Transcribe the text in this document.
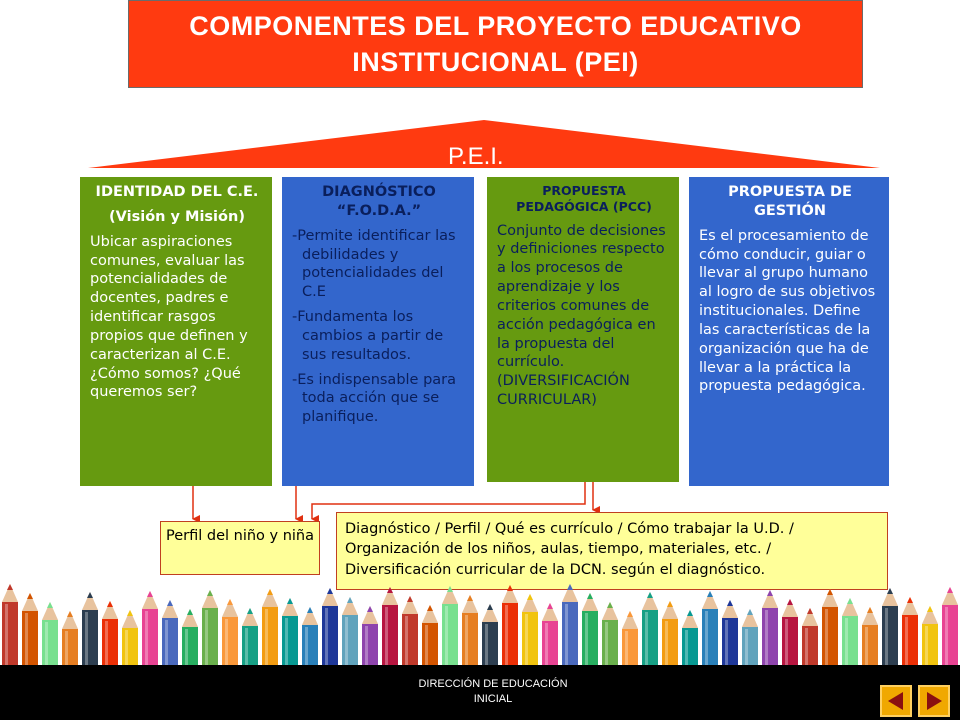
COMPONENTES DEL PROYECTO EDUCATIVO
INSTITUCIONAL (PEI)
P.E.I.
IDENTIDAD DEL C.E.
(Visión y Misión)
Ubicar aspiraciones comunes, evaluar las potencialidades de docentes, padres e identificar rasgos propios que definen y caracterizan al C.E. ¿Cómo somos? ¿Qué queremos ser?
DIAGNÓSTICO
“F.O.D.A.”
-Permite identificar las debilidades y potencialidades del C.E
-Fundamenta los cambios a partir de sus resultados.
-Es indispensable para toda acción que se planifique.
PROPUESTA PEDAGÓGICA (PCC)
Conjunto de decisiones y definiciones respecto a los procesos de aprendizaje y los criterios comunes de acción pedagógica en la propuesta del currículo. (DIVERSIFICACIÓN CURRICULAR)
PROPUESTA DE GESTIÓN
Es el procesamiento de cómo conducir, guiar o llevar al grupo humano al logro de sus objetivos institucionales. Define las características de la organización que ha de llevar a la práctica la propuesta pedagógica.
Perfil del niño y niña	Diagnóstico / Perfil / Qué es currículo / Cómo trabajar la U.D. / Organización de los niños, aulas, tiempo, materiales, etc. / Diversificación curricular de la DCN. según el diagnóstico.
DIRECCIÓN DE EDUCACIÓN
INICIAL
